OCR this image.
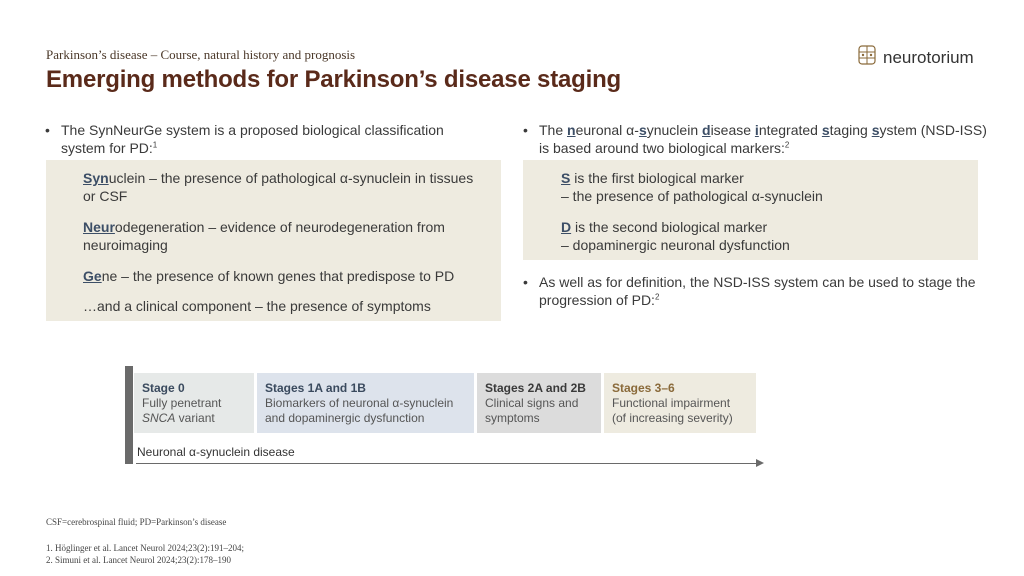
Parkinson’s disease – Course, natural history and prognosis
Emerging methods for Parkinson’s disease staging
neurotorium
• The SynNeurGe system is a proposed biological classification system for PD:$^1$
Synuclein – the presence of pathological α-synuclein in tissues or CSF
Neurodegeneration – evidence of neurodegeneration from neuroimaging
Gene – the presence of known genes that predispose to PD
…and a clinical component – the presence of symptoms
• The neuronal α-synuclein disease integrated staging system (NSD-ISS) is based around two biological markers:$^2$
S is the first biological marker
– the presence of pathological α-synuclein
D is the second biological marker
– dopaminergic neuronal dysfunction
• As well as for definition, the NSD-ISS system can be used to stage the progression of PD:$^2$
Stage 0
Fully penetrant
SNCA variant
Stages 1A and 1B
Biomarkers of neuronal α-synuclein
and dopaminergic dysfunction
Stages 2A and 2B
Clinical signs and
symptoms
Stages 3–6
Functional impairment
(of increasing severity)
Neuronal α-synuclein disease
CSF=cerebrospinal fluid; PD=Parkinson’s disease
1. Höglinger et al. Lancet Neurol 2024;23(2):191–204;
2. Simuni et al. Lancet Neurol 2024;23(2):178–190
